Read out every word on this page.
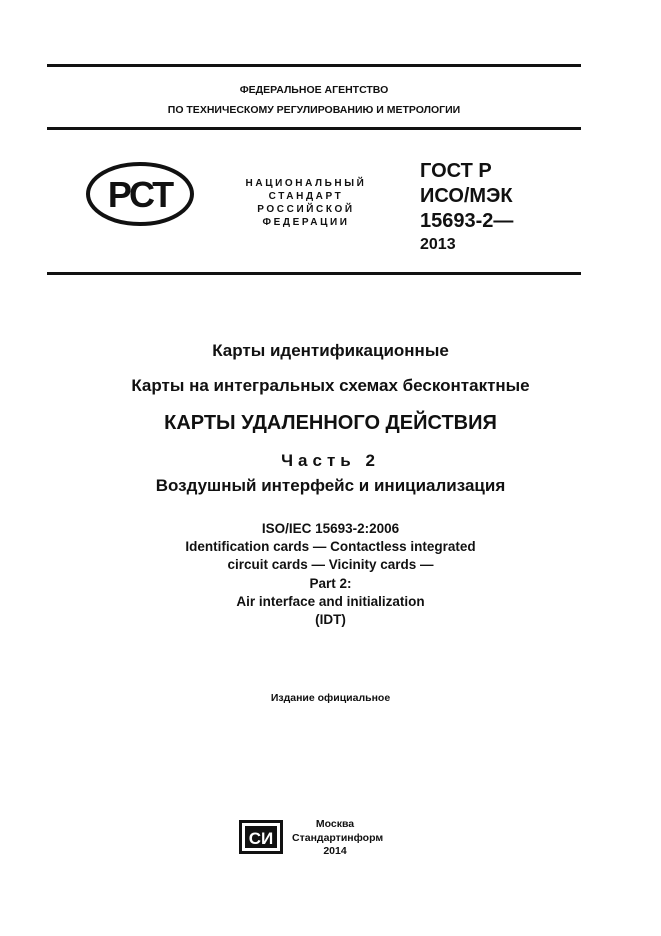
ФЕДЕРАЛЬНОЕ АГЕНТСТВО
ПО ТЕХНИЧЕСКОМУ РЕГУЛИРОВАНИЮ И МЕТРОЛОГИИ
РСТ	НАЦИОНАЛЬНЫЙ
СТАНДАРТ
РОССИЙСКОЙ
ФЕДЕРАЦИИ
ГОСТ Р
ИСО/МЭК
15693-2—
2013
Карты идентификационные
Карты на интегральных схемах бесконтактные
КАРТЫ УДАЛЕННОГО ДЕЙСТВИЯ
Часть 2
Воздушный интерфейс и инициализация
ISO/IEC 15693-2:2006
Identification cards — Contactless integrated
circuit cards — Vicinity cards —
Part 2:
Air interface and initialization
(IDT)
Издание официальное
СИ
Москва
Стандартинформ
2014
